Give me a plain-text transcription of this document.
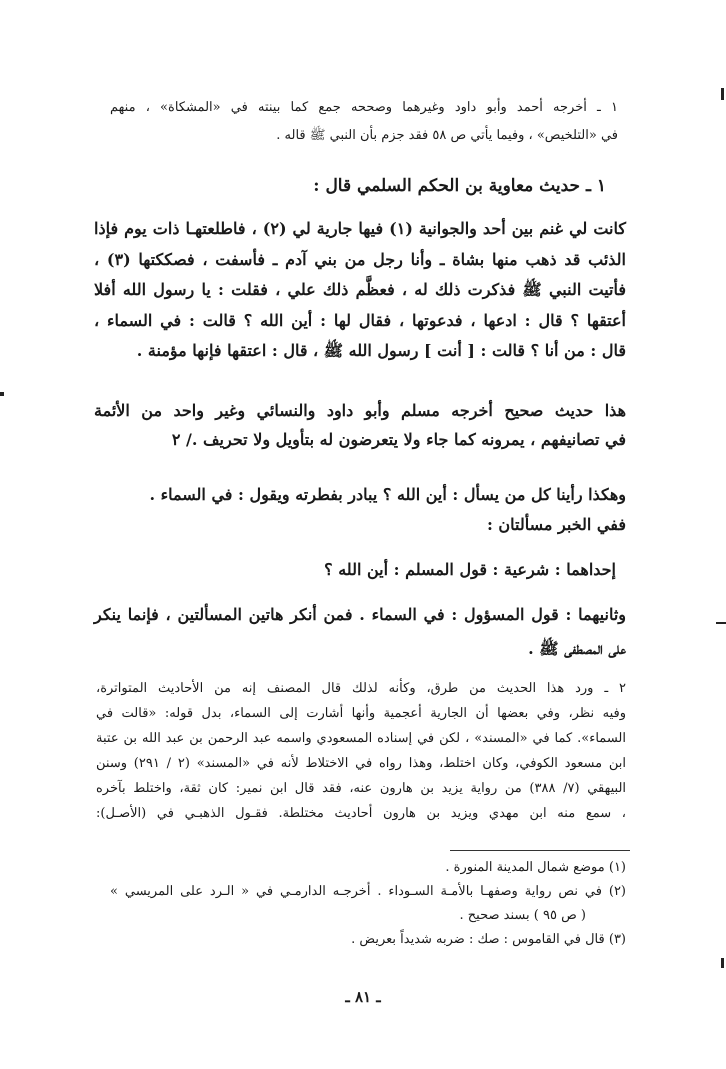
١ ـ أخرجه أحمد وأبو داود وغيرهما وصححه جمع كما بينته في «المشكاة» ، منهم
في «التلخيص» ، وفيما يأتي ص ٥٨ فقد جزم بأن النبي ﷺ قاله .
١ ـ حديث معاوية بن الحكم السلمي قال :
كانت لي غنم بين أحد والجوانية (١) فيها جارية لي (٢) ، فاطلعتهـا ذات يوم فإذا
الذئب قد ذهب منها بشاة ـ وأنا رجل من بني آدم ـ فأسفت ، فصككتها (٣) ،
فأتيت النبي ﷺ فذكرت ذلك له ، فعظَّم ذلك علي ، فقلت : يا رسول الله أفلا
أعتقها ؟ قال : ادعها ، فدعوتها ، فقال لها : أين الله ؟ قالت : في السماء ،
قال : من أنا ؟ قالت : [ أنت ] رسول الله ﷺ ، قال : اعتقها فإنها مؤمنة .
هذا حديث صحيح أخرجه مسلم وأبو داود والنسائي وغير واحد من الأئمة
في تصانيفهم ، يمرونه كما جاء ولا يتعرضون له بتأويل ولا تحريف ./ ٢
وهكذا رأينا كل من يسأل : أين الله ؟ يبادر بفطرته ويقول : في السماء .
ففي الخبر مسألتان :
إحداهما : شرعية : قول المسلم : أين الله ؟
وثانيهما : قول المسؤول : في السماء . فمن أنكر هاتين المسألتين ، فإنما ينكر
على المصطفى ﷺ .
٢ ـ ورد هذا الحديث من طرق، وكأنه لذلك قال المصنف إنه من الأحاديث المتواترة،
وفيه نظر، وفي بعضها أن الجارية أعجمية وأنها أشارت إلى السماء، بدل قوله: «قالت في
السماء». كما في «المسند» ، لكن في إسناده المسعودي واسمه عبد الرحمن بن عبد الله بن عتبة
ابن مسعود الكوفي، وكان اختلط، وهذا رواه في الاختلاط لأنه في «المسند» (٢ / ٢٩١) وسنن
البيهقي (٧/ ٣٨٨) من رواية يزيد بن هارون عنه، فقد قال ابن نمير: كان ثقة، واختلط بآخره
، سمع منه ابن مهدي ويزيد بن هارون أحاديث مختلطة. فقـول الذهبـي في (الأصـل):
(١) موضع شمال المدينة المنورة .
(٢) في نص رواية وصفهـا بالأمـة السـوداء . أخرجـه الدارمـي في « الـرد على المريسي »
( ص ٩٥ ) بسند صحيح .
(٣) قال في القاموس : صك : ضربه شديداً بعريض .
ـ ٨١ ـ
